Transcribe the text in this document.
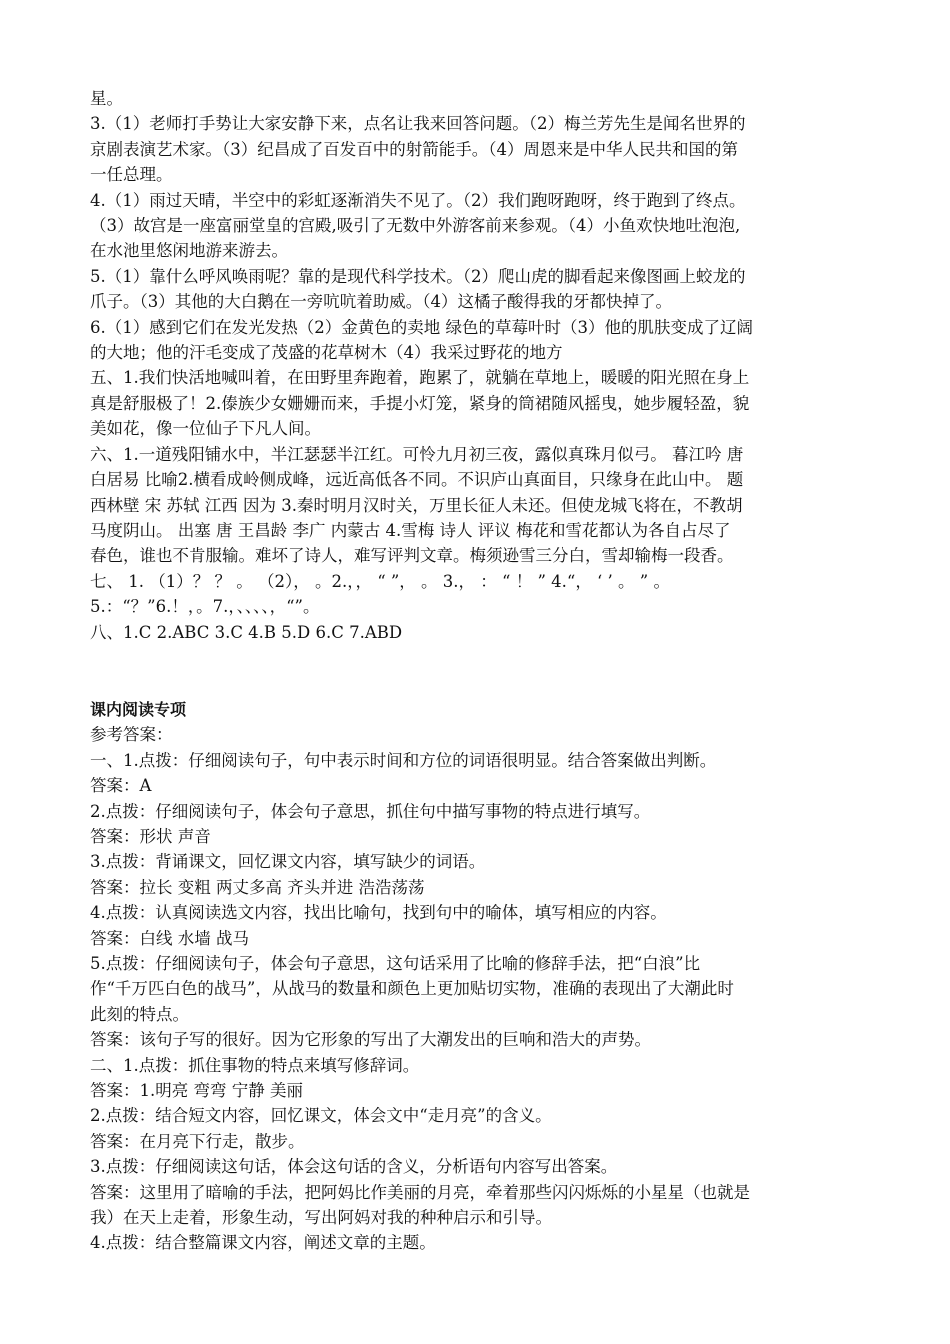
星。

3.（1）老师打手势让大家安静下来，点名让我来回答问题。（2）梅兰芳先生是闻名世界的

京剧表演艺术家。（3）纪昌成了百发百中的射箭能手。（4）周恩来是中华人民共和国的第

一任总理。

4.（1）雨过天晴，半空中的彩虹逐渐消失不见了。（2）我们跑呀跑呀，终于跑到了终点。

（3）故宫是一座富丽堂皇的宫殿,吸引了无数中外游客前来参观。（4）小鱼欢快地吐泡泡,

在水池里悠闲地游来游去。

5.（1）靠什么呼风唤雨呢？靠的是现代科学技术。（2）爬山虎的脚看起来像图画上蛟龙的

爪子。（3）其他的大白鹅在一旁吭吭着助威。（4）这橘子酸得我的牙都快掉了。

6.（1）感到它们在发光发热（2）金黄色的卖地 绿色的草莓叶时（3）他的肌肤变成了辽阔

的大地；他的汗毛变成了茂盛的花草树木（4）我采过野花的地方

五、1.我们快活地喊叫着，在田野里奔跑着，跑累了，就躺在草地上，暖暖的阳光照在身上

真是舒服极了！2.傣族少女姗姗而来，手提小灯笼，紧身的筒裙随风摇曳，她步履轻盈，貌

美如花，像一位仙子下凡人间。

六、1.一道残阳铺水中，半江瑟瑟半江红。可怜九月初三夜，露似真珠月似弓。 暮江吟 唐

白居易 比喻2.横看成岭侧成峰，远近高低各不同。不识庐山真面目，只缘身在此山中。 题

西林壁 宋 苏轼 江西 因为 3.秦时明月汉时关，万里长征人未还。但使龙城飞将在，不教胡

马度阴山。 出塞 唐 王昌龄 李广 内蒙古 4.雪梅 诗人 评议 梅花和雪花都认为各自占尽了

春色，谁也不肯服输。难坏了诗人，难写评判文章。梅须逊雪三分白，雪却输梅一段香。

七、 1. （1）？ ？ 。 （2）， 。2.，， “ ”， 。 3.， ： “ ！ ” 4.“， ‘ ’ 。 ” 。

5.：“？”6.！，。7.，、、、、，“”。

八、1.C 2.ABC 3.C 4.B 5.D 6.C 7.ABD

课内阅读专项

参考答案：

一、1.点拨：仔细阅读句子，句中表示时间和方位的词语很明显。结合答案做出判断。

答案：A

2.点拨：仔细阅读句子，体会句子意思，抓住句中描写事物的特点进行填写。

答案：形状 声音

3.点拨：背诵课文，回忆课文内容，填写缺少的词语。

答案：拉长 变粗 两丈多高 齐头并进 浩浩荡荡

4.点拨：认真阅读选文内容，找出比喻句，找到句中的喻体，填写相应的内容。

答案：白线 水墙 战马

5.点拨：仔细阅读句子，体会句子意思，这句话采用了比喻的修辞手法，把“白浪”比

作“千万匹白色的战马”，从战马的数量和颜色上更加贴切实物，准确的表现出了大潮此时

此刻的特点。

答案：该句子写的很好。因为它形象的写出了大潮发出的巨响和浩大的声势。

二、1.点拨：抓住事物的特点来填写修辞词。

答案：1.明亮 弯弯 宁静 美丽

2.点拨：结合短文内容，回忆课文，体会文中“走月亮”的含义。

答案：在月亮下行走，散步。

3.点拨：仔细阅读这句话，体会这句话的含义，分析语句内容写出答案。

答案：这里用了暗喻的手法，把阿妈比作美丽的月亮，牵着那些闪闪烁烁的小星星（也就是

我）在天上走着，形象生动，写出阿妈对我的种种启示和引导。

4.点拨：结合整篇课文内容，阐述文章的主题。
